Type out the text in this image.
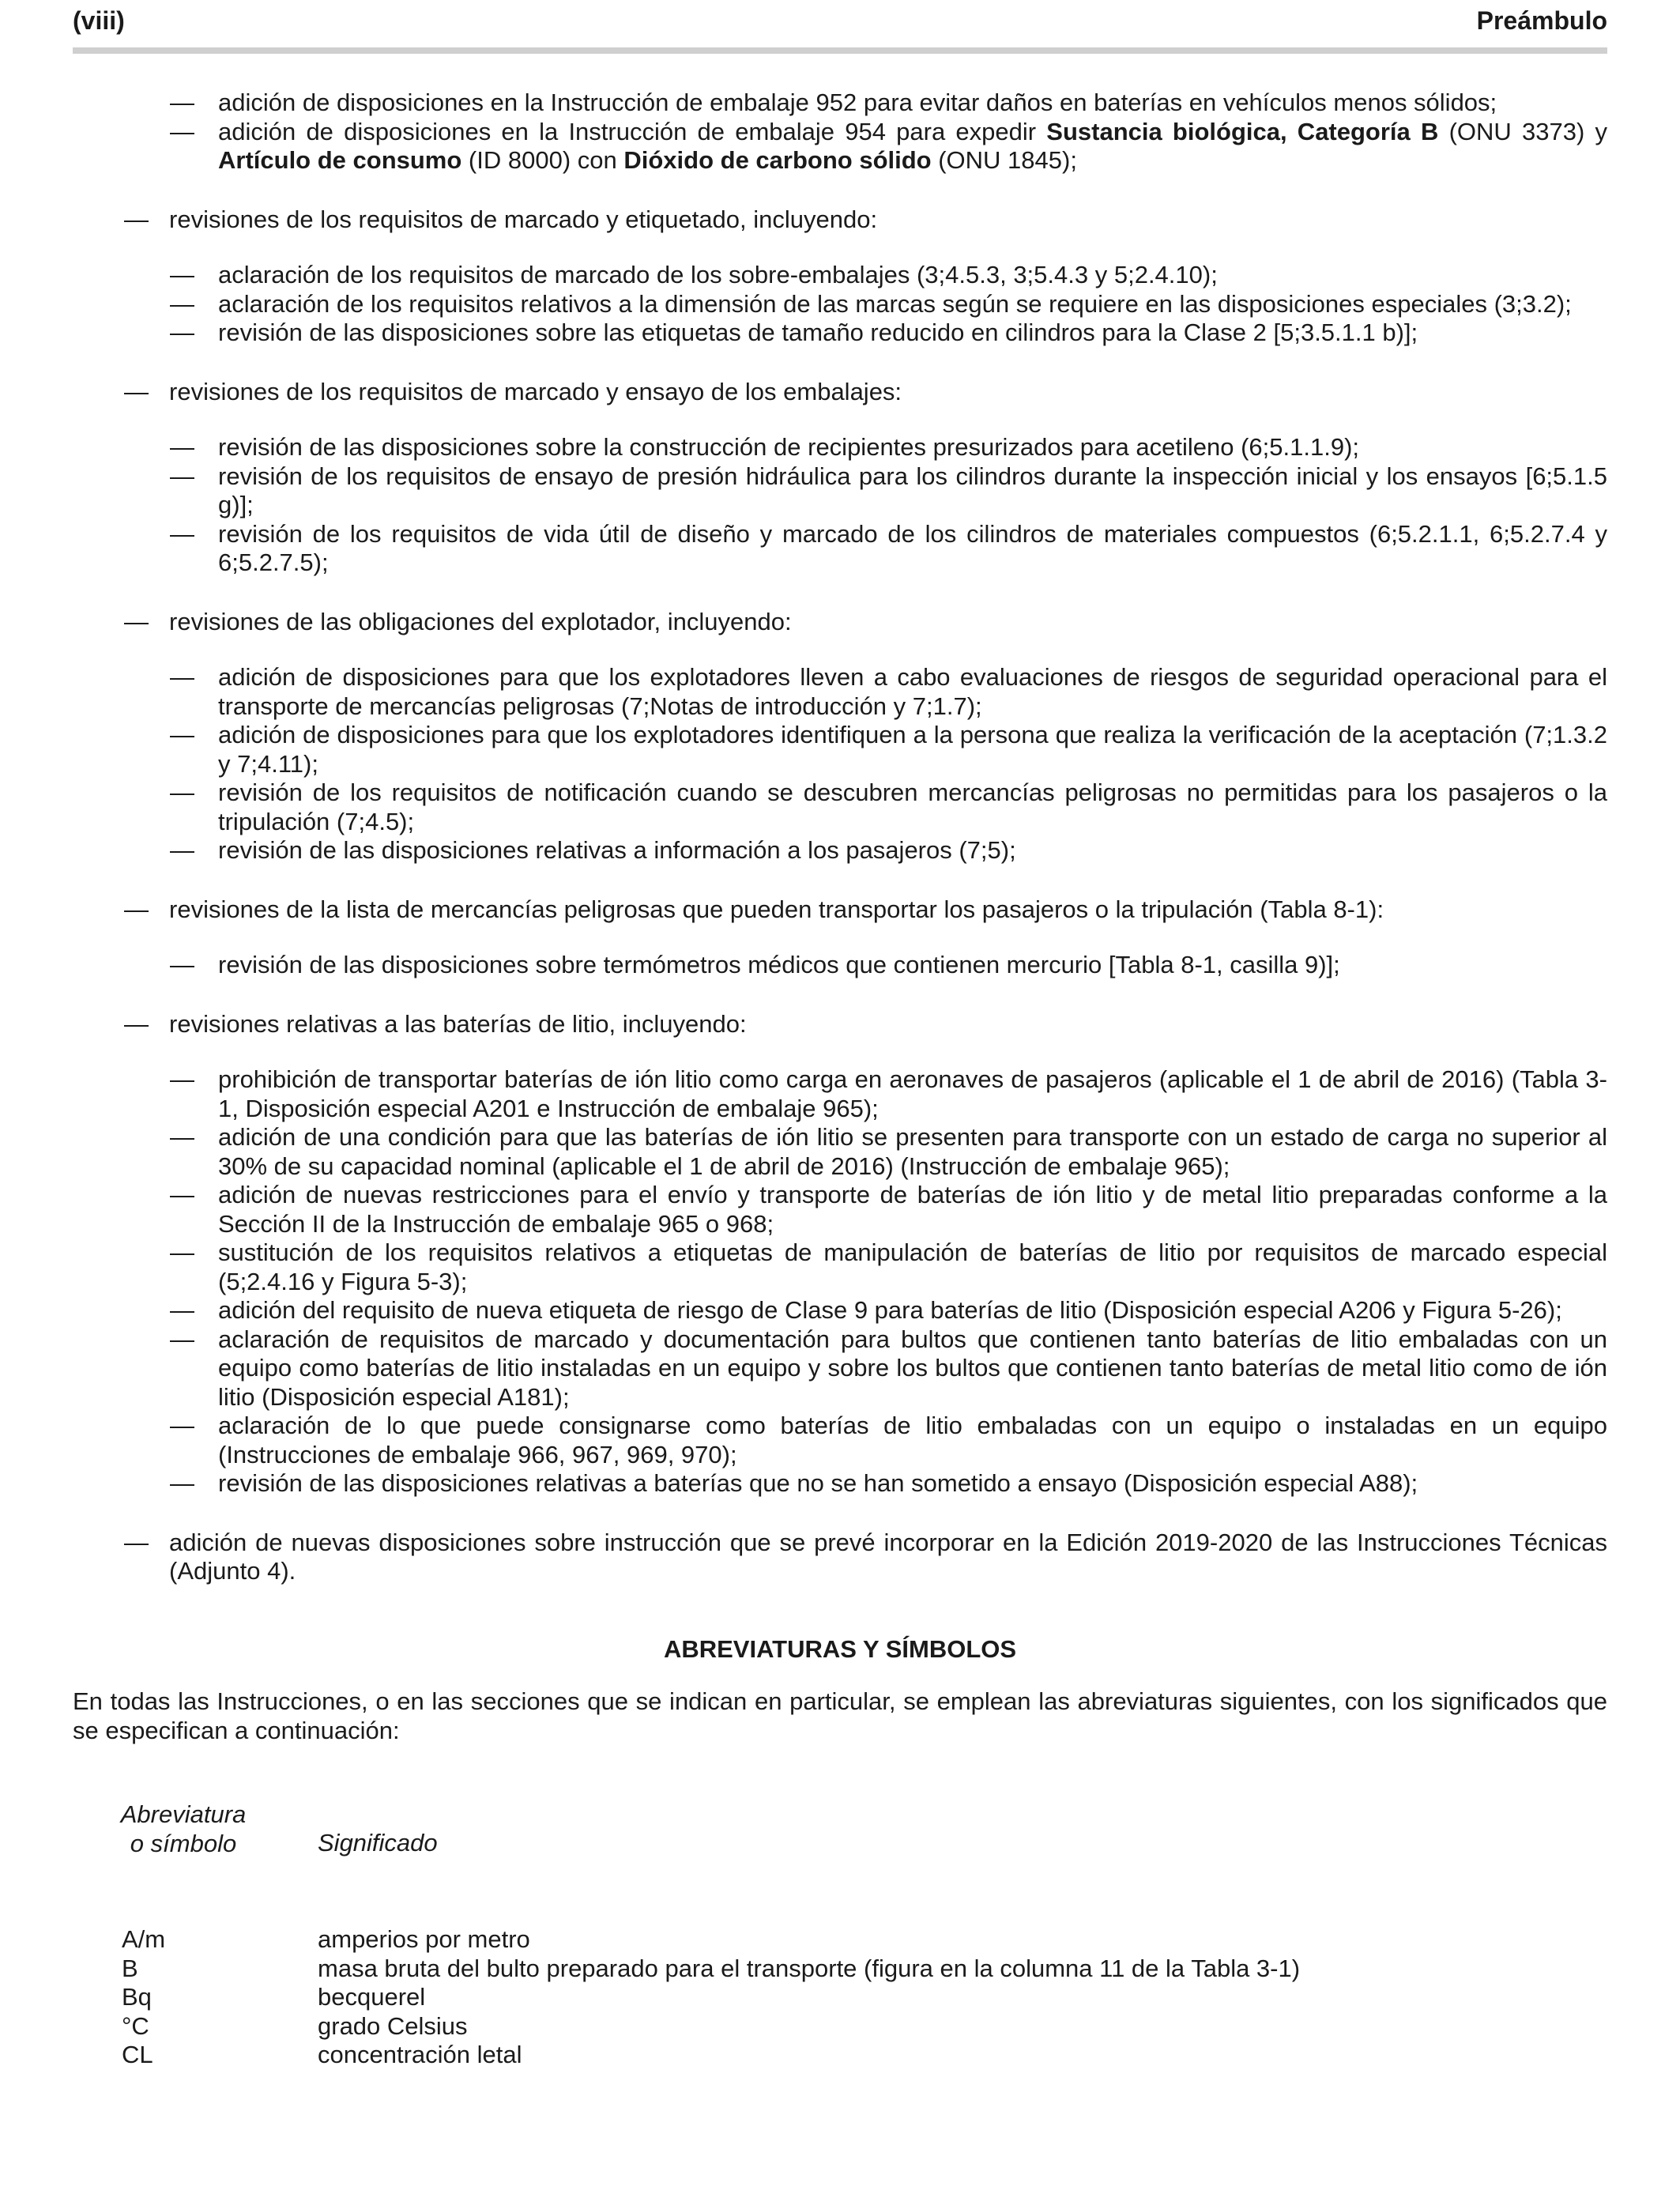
(viii)	Preámbulo

— adición de disposiciones en la Instrucción de embalaje 952 para evitar daños en baterías en vehículos menos sólidos;

— adición de disposiciones en la Instrucción de embalaje 954 para expedir Sustancia biológica, Categoría B (ONU 3373) y Artículo de consumo (ID 8000) con Dióxido de carbono sólido (ONU 1845);

— revisiones de los requisitos de marcado y etiquetado, incluyendo:

— aclaración de los requisitos de marcado de los sobre-embalajes (3;4.5.3, 3;5.4.3 y 5;2.4.10);

— aclaración de los requisitos relativos a la dimensión de las marcas según se requiere en las disposiciones especiales (3;3.2);

— revisión de las disposiciones sobre las etiquetas de tamaño reducido en cilindros para la Clase 2 [5;3.5.1.1 b)];

— revisiones de los requisitos de marcado y ensayo de los embalajes:

— revisión de las disposiciones sobre la construcción de recipientes presurizados para acetileno (6;5.1.1.9);

— revisión de los requisitos de ensayo de presión hidráulica para los cilindros durante la inspección inicial y los ensayos [6;5.1.5 g)];

— revisión de los requisitos de vida útil de diseño y marcado de los cilindros de materiales compuestos (6;5.2.1.1, 6;5.2.7.4 y 6;5.2.7.5);

— revisiones de las obligaciones del explotador, incluyendo:

— adición de disposiciones para que los explotadores lleven a cabo evaluaciones de riesgos de seguridad operacional para el transporte de mercancías peligrosas (7;Notas de introducción y 7;1.7);

— adición de disposiciones para que los explotadores identifiquen a la persona que realiza la verificación de la aceptación (7;1.3.2 y 7;4.11);

— revisión de los requisitos de notificación cuando se descubren mercancías peligrosas no permitidas para los pasajeros o la tripulación (7;4.5);

— revisión de las disposiciones relativas a información a los pasajeros (7;5);

— revisiones de la lista de mercancías peligrosas que pueden transportar los pasajeros o la tripulación (Tabla 8-1):

— revisión de las disposiciones sobre termómetros médicos que contienen mercurio [Tabla 8-1, casilla 9)];

— revisiones relativas a las baterías de litio, incluyendo:

— prohibición de transportar baterías de ión litio como carga en aeronaves de pasajeros (aplicable el 1 de abril de 2016) (Tabla 3-1, Disposición especial A201 e Instrucción de embalaje 965);

— adición de una condición para que las baterías de ión litio se presenten para transporte con un estado de carga no superior al 30% de su capacidad nominal (aplicable el 1 de abril de 2016) (Instrucción de embalaje 965);

— adición de nuevas restricciones para el envío y transporte de baterías de ión litio y de metal litio preparadas conforme a la Sección II de la Instrucción de embalaje 965 o 968;

— sustitución de los requisitos relativos a etiquetas de manipulación de baterías de litio por requisitos de marcado especial (5;2.4.16 y Figura 5-3);

— adición del requisito de nueva etiqueta de riesgo de Clase 9 para baterías de litio (Disposición especial A206 y Figura 5-26);

— aclaración de requisitos de marcado y documentación para bultos que contienen tanto baterías de litio embaladas con un equipo como baterías de litio instaladas en un equipo y sobre los bultos que contienen tanto baterías de metal litio como de ión litio (Disposición especial A181);

— aclaración de lo que puede consignarse como baterías de litio embaladas con un equipo o instaladas en un equipo (Instrucciones de embalaje 966, 967, 969, 970);

— revisión de las disposiciones relativas a baterías que no se han sometido a ensayo (Disposición especial A88);

— adición de nuevas disposiciones sobre instrucción que se prevé incorporar en la Edición 2019-2020 de las Instrucciones Técnicas (Adjunto 4).

ABREVIATURAS Y SÍMBOLOS

En todas las Instrucciones, o en las secciones que se indican en particular, se emplean las abreviaturas siguientes, con los significados que se especifican a continuación:

Abreviatura
o símbolo	Significado
A/m	amperios por metro
B	masa bruta del bulto preparado para el transporte (figura en la columna 11 de la Tabla 3-1)
Bq	becquerel
°C	grado Celsius
CL	concentración letal
